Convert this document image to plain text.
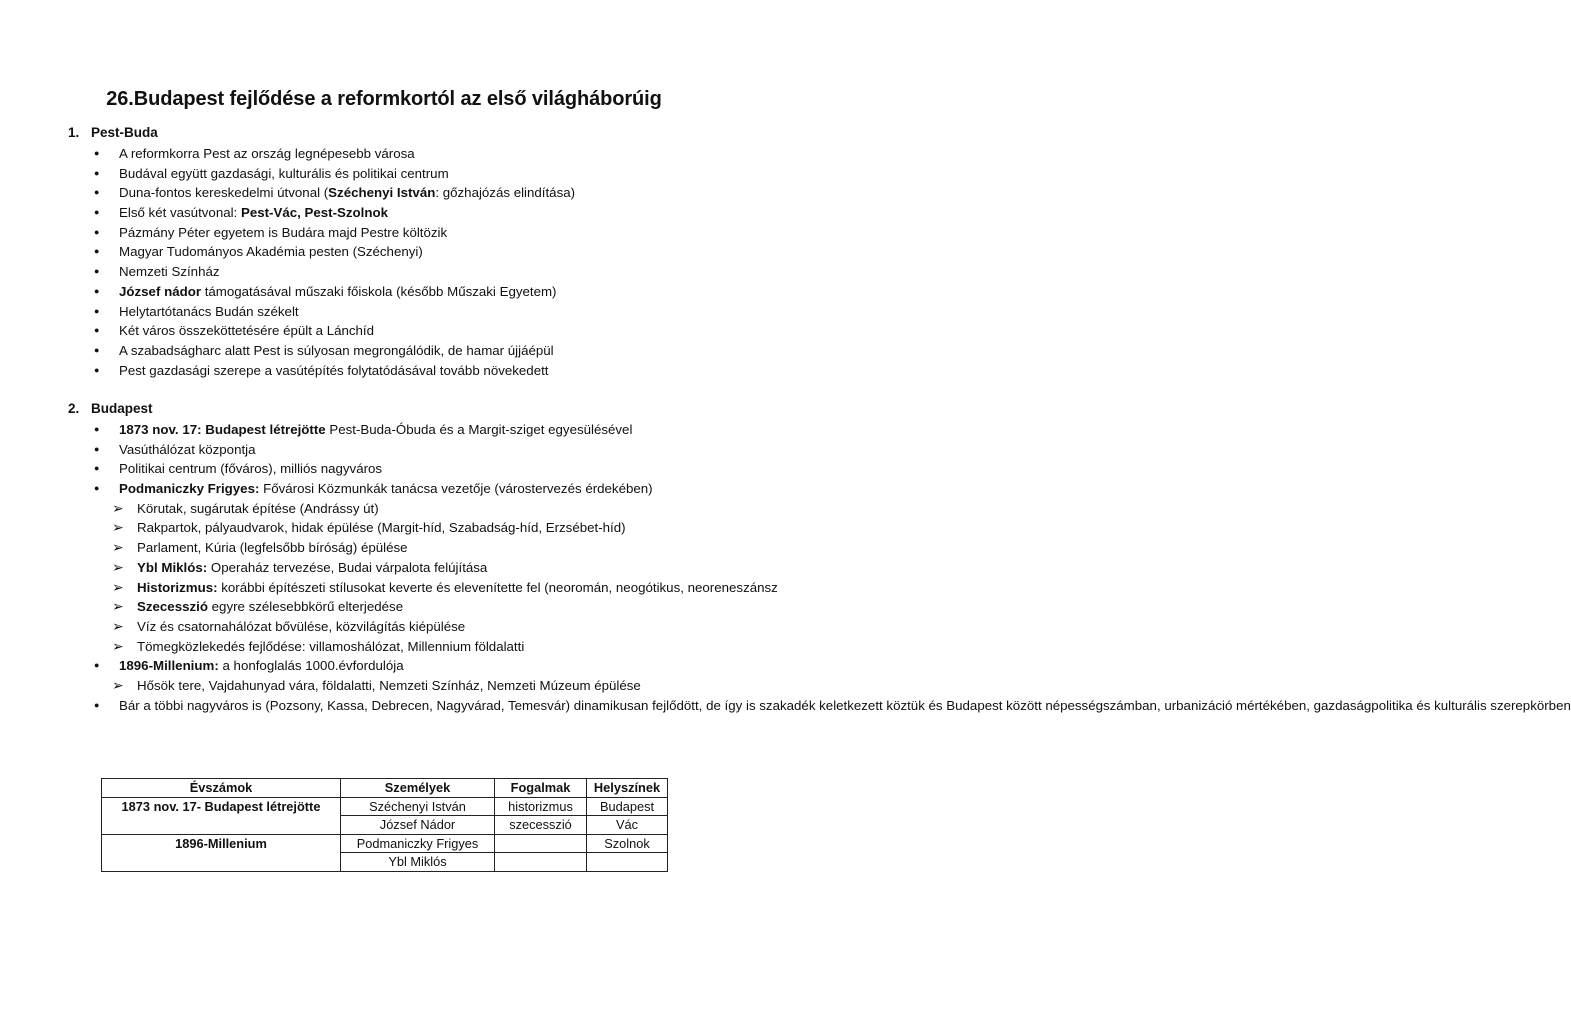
26.Budapest fejlődése a reformkortól az első világháborúig
1. Pest-Buda
● A reformkorra Pest az ország legnépesebb városa
● Budával együtt gazdasági, kulturális és politikai centrum
● Duna-fontos kereskedelmi útvonal (Széchenyi István: gőzhajózás elindítása)
● Első két vasútvonal: Pest-Vác, Pest-Szolnok
● Pázmány Péter egyetem is Budára majd Pestre költözik
● Magyar Tudományos Akadémia pesten (Széchenyi)
● Nemzeti Színház
● József nádor támogatásával műszaki főiskola (később Műszaki Egyetem)
● Helytartótanács Budán székelt
● Két város összeköttetésére épült a Lánchíd
● A szabadságharc alatt Pest is súlyosan megrongálódik, de hamar újjáépül
● Pest gazdasági szerepe a vasútépítés folytatódásával tovább növekedett
2. Budapest
● 1873 nov. 17: Budapest létrejötte Pest-Buda-Óbuda és a Margit-sziget egyesülésével
● Vasúthálózat központja
● Politikai centrum (főváros), milliós nagyváros
● Podmaniczky Frigyes: Fővárosi Közmunkák tanácsa vezetője (várostervezés érdekében)
➢ Körutak, sugárutak építése (Andrássy út)
➢ Rakpartok, pályaudvarok, hidak épülése (Margit-híd, Szabadság-híd, Erzsébet-híd)
➢ Parlament, Kúria (legfelsőbb bíróság) épülése
➢ Ybl Miklós: Operaház tervezése, Budai várpalota felújítása
➢ Historizmus: korábbi építészeti stílusokat keverte és elevenítette fel (neoromán, neogótikus, neoreneszánsz
➢ Szecesszió egyre szélesebbkörű elterjedése
➢ Víz és csatornahálózat bővülése, közvilágítás kiépülése
➢ Tömegközlekedés fejlődése: villamoshálózat, Millennium földalatti
● 1896-Millenium: a honfoglalás 1000.évfordulója
➢ Hősök tere, Vajdahunyad vára, földalatti, Nemzeti Színház, Nemzeti Múzeum épülése
● Bár a többi nagyváros is (Pozsony, Kassa, Debrecen, Nagyvárad, Temesvár) dinamikusan fejlődött, de így is szakadék keletkezett köztük és Budapest között népességszámban, urbanizáció mértékében, gazdaságpolitika és kulturális szerepkörben
Évszámok	Személyek	Fogalmak	Helyszínek
1873 nov. 17- Budapest létrejötte	Széchenyi István	historizmus	Budapest
	József Nádor	szecesszió	Vác
1896-Millenium	Podmaniczky Frigyes		Szolnok
	Ybl Miklós		
